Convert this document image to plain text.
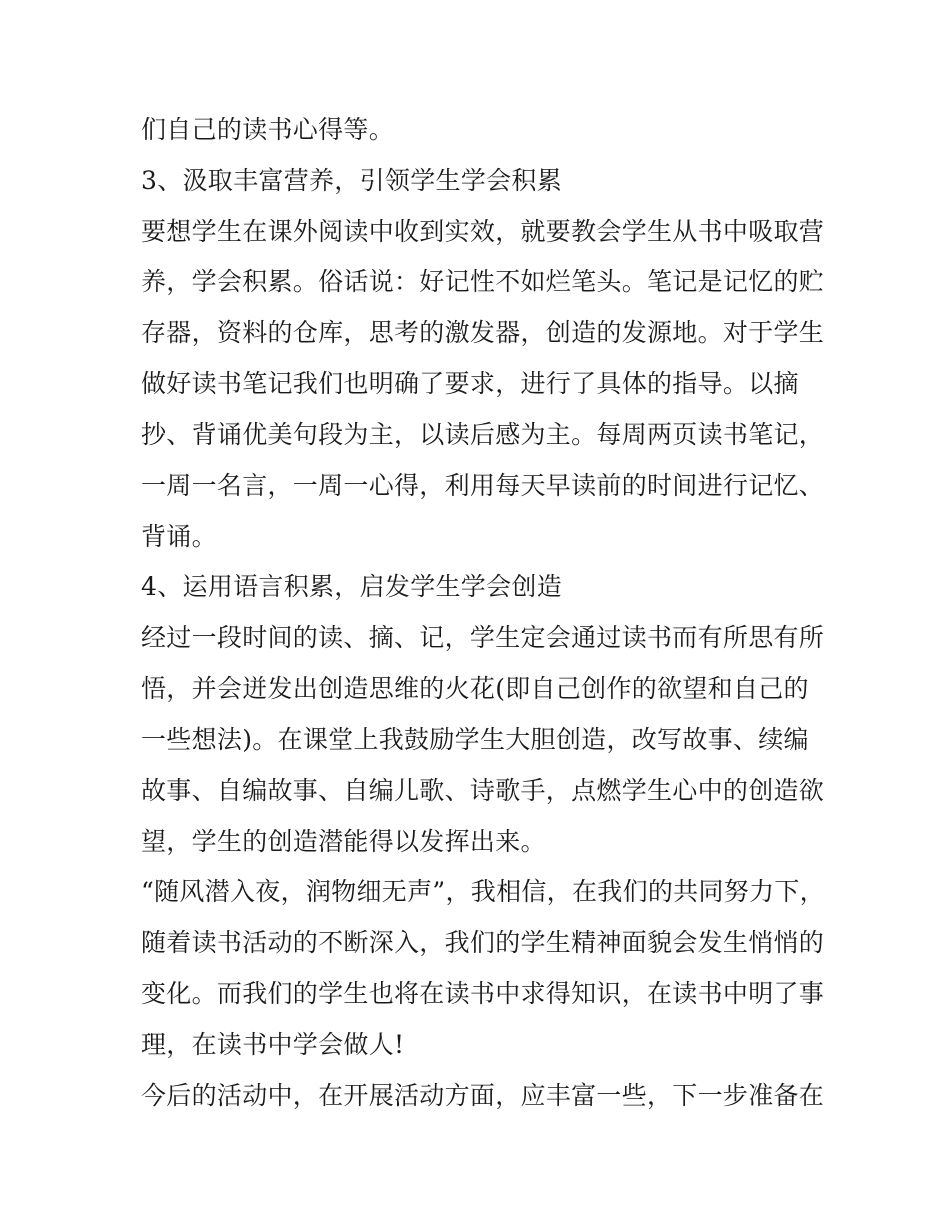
们自己的读书心得等。
3、汲取丰富营养，引领学生学会积累
要想学生在课外阅读中收到实效，就要教会学生从书中吸取营
养，学会积累。俗话说：好记性不如烂笔头。笔记是记忆的贮
存器，资料的仓库，思考的激发器，创造的发源地。对于学生
做好读书笔记我们也明确了要求，进行了具体的指导。以摘
抄、背诵优美句段为主，以读后感为主。每周两页读书笔记，
一周一名言，一周一心得，利用每天早读前的时间进行记忆、
背诵。
4、运用语言积累，启发学生学会创造
经过一段时间的读、摘、记，学生定会通过读书而有所思有所
悟，并会迸发出创造思维的火花(即自己创作的欲望和自己的
一些想法)。在课堂上我鼓励学生大胆创造，改写故事、续编
故事、自编故事、自编儿歌、诗歌手，点燃学生心中的创造欲
望，学生的创造潜能得以发挥出来。
“随风潜入夜，润物细无声”，我相信，在我们的共同努力下，
随着读书活动的不断深入，我们的学生精神面貌会发生悄悄的
变化。而我们的学生也将在读书中求得知识，在读书中明了事
理，在读书中学会做人!
今后的活动中，在开展活动方面，应丰富一些，下一步准备在
